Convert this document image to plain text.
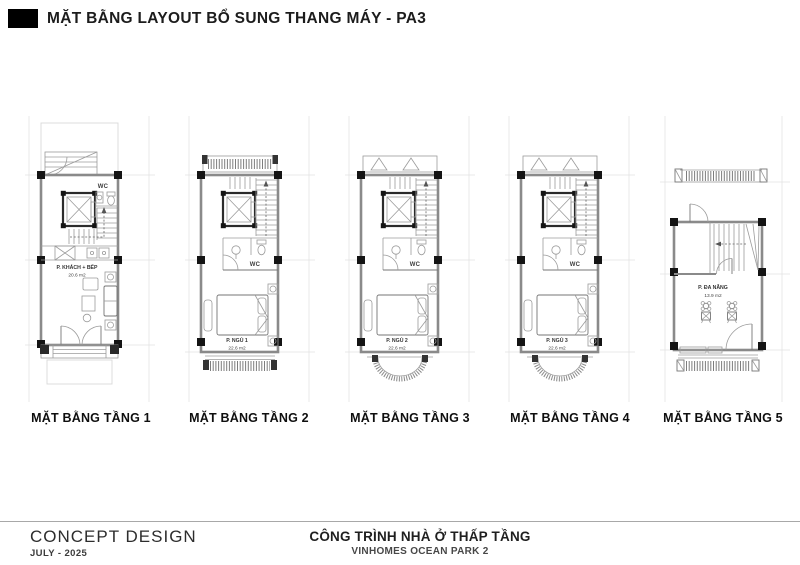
MẶT BẰNG LAYOUT BỔ SUNG THANG MÁY - PA3
WC
P. KHÁCH + BẾP
20.6 m2
WC
P. NGỦ 1
22.6 m2
WC
P. NGỦ 2
22.6 m2
WC
P. NGỦ 3
22.6 m2
P. ĐA NĂNG
13.9 m2
MẶT BẰNG TẦNG 1	MẶT BẰNG TẦNG 2	MẶT BẰNG TẦNG 3	MẶT BẰNG TẦNG 4	MẶT BẰNG TẦNG 5
CONCEPT DESIGN
JULY - 2025
CÔNG TRÌNH NHÀ Ở THẤP TẦNG
VINHOMES OCEAN PARK 2
